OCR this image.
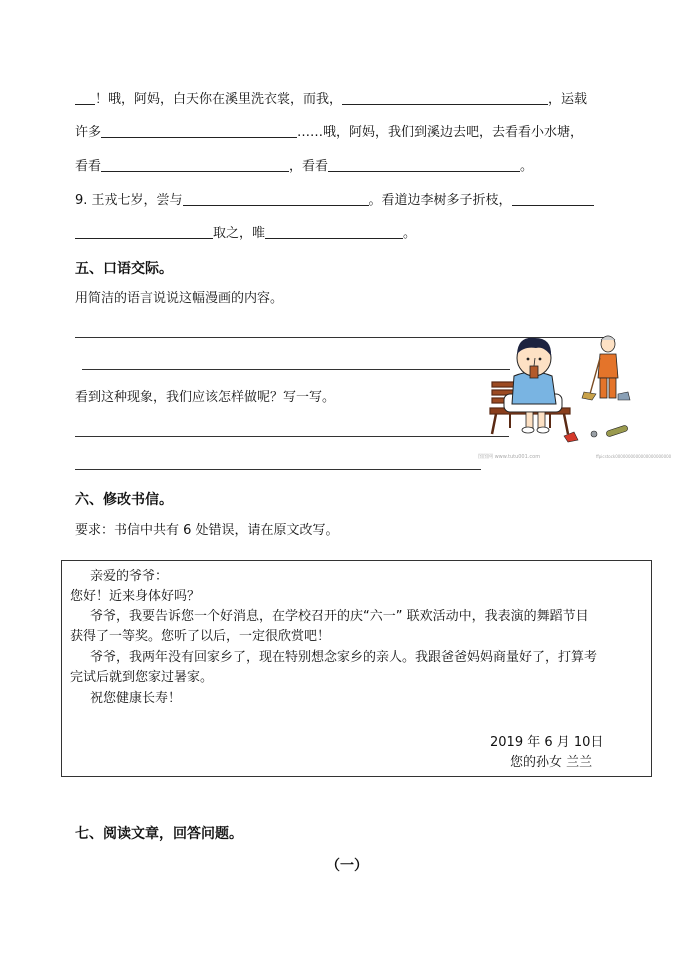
！哦，阿妈，白天你在溪里洗衣裳，而我，	，运载
许多	……哦，阿妈，我们到溪边去吧，去看看小水塘，
看看	，看看	。
9. 王戎七岁，尝与	。看道边李树多子折枝，
取之，唯	。
五、口语交际。
用简洁的语言说说这幅漫画的内容。
看到这种现象，我们应该怎样做呢？写一写。
图图网 www.tutu001.com	ffpicstock0000000000000000000000
六、修改书信。
要求：书信中共有 6 处错误，请在原文改写。
亲爱的爷爷：
您好！近来身体好吗？
爷爷，我要告诉您一个好消息，在学校召开的庆“六一” 联欢活动中，我表演的舞蹈节目
获得了一等奖。您听了以后，一定很欣赏吧！
爷爷，我两年没有回家乡了，现在特别想念家乡的亲人。我跟爸爸妈妈商量好了，打算考
完试后就到您家过暑家。
祝您健康长寿！
2019 年 6 月 10日
您的孙女 兰兰
七、阅读文章，回答问题。
（一）
